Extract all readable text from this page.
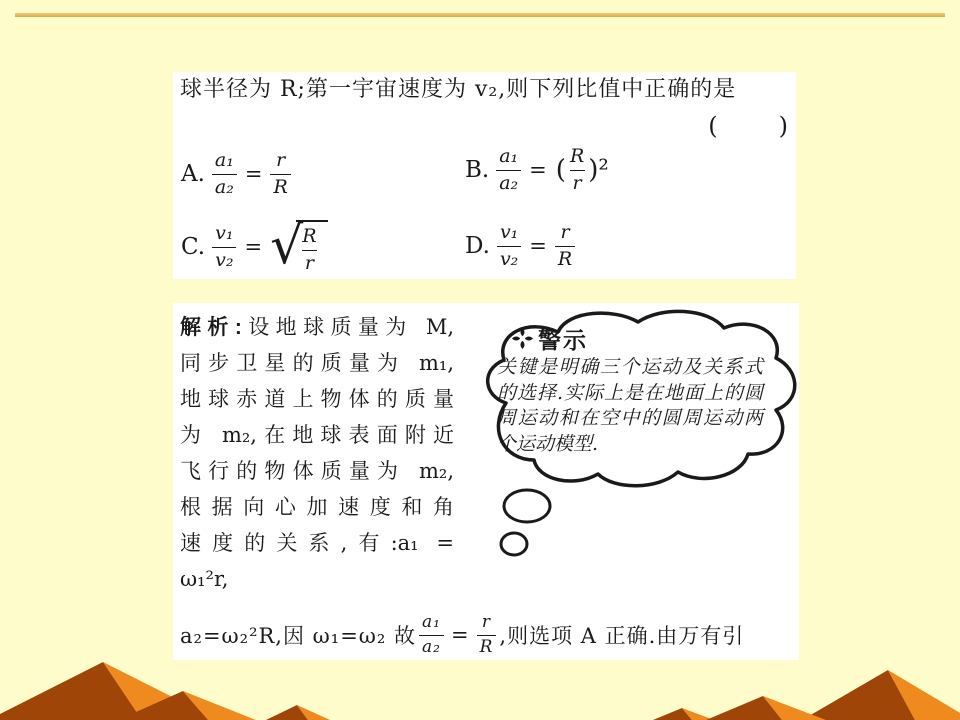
球半径为 R;第一宇宙速度为 v₂,则下列比值中正确的是
(        )
A. $\frac{\text{a₁}}{\text{a₂}} = \frac{r}{R}$	B. $\frac{\text{a₁}}{\text{a₂}}$ = ( $\frac{R}{r} )^2$
C. $\frac{\text{v₁}}{\text{v₂}}$ = √
$\frac{R}{r}$	D. $\frac{\text{v₁}}{\text{v₂}} = \frac{r}{R}$
解析:设地球质量为 M,
同步卫星的质量为 m₁,
地球赤道上物体的质量
为 m₂,在地球表面附近
飞行的物体质量为 m₂,
根据向心加速度和角
速度的关系,有:a₁ =
ω₁²r,
a₂=ω₂²R,因 ω₁=ω₂ 故 $\frac{\text{a₁}}{\text{a₂}} = \frac{r}{R}$ ,则选项 A 正确.由万有引
警示
关键是明确三个运动及关系式
的选择.实际上是在地面上的圆
周运动和在空中的圆周运动两
个运动模型.
